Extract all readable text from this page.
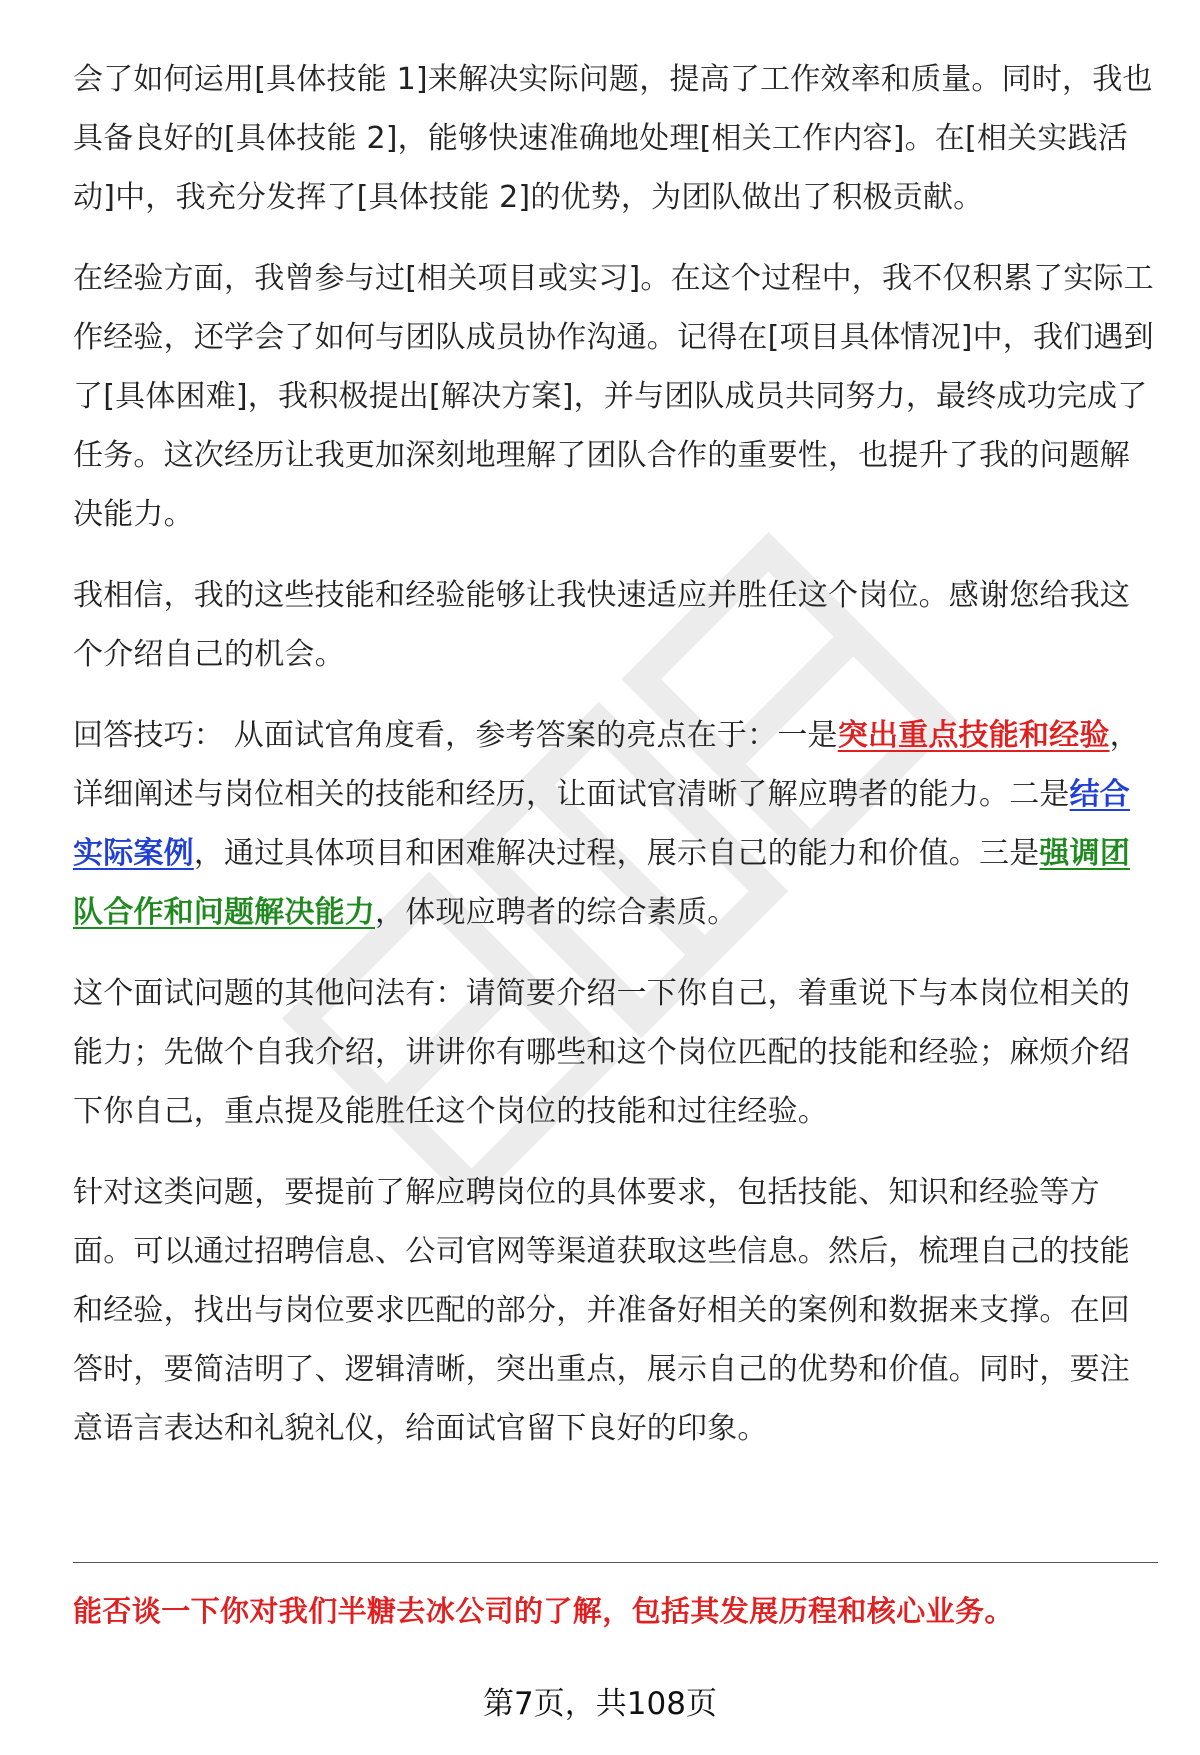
会了如何运用[具体技能 1]来解决实际问题，提高了工作效率和质量。同时，我也具备良好的[具体技能 2]，能够快速准确地处理[相关工作内容]。在[相关实践活动]中，我充分发挥了[具体技能 2]的优势，为团队做出了积极贡献。

在经验方面，我曾参与过[相关项目或实习]。在这个过程中，我不仅积累了实际工作经验，还学会了如何与团队成员协作沟通。记得在[项目具体情况]中，我们遇到了[具体困难]，我积极提出[解决方案]，并与团队成员共同努力，最终成功完成了任务。这次经历让我更加深刻地理解了团队合作的重要性，也提升了我的问题解决能力。

我相信，我的这些技能和经验能够让我快速适应并胜任这个岗位。感谢您给我这个介绍自己的机会。

回答技巧： 从面试官角度看，参考答案的亮点在于：一是突出重点技能和经验，详细阐述与岗位相关的技能和经历，让面试官清晰了解应聘者的能力。二是结合实际案例，通过具体项目和困难解决过程，展示自己的能力和价值。三是强调团队合作和问题解决能力，体现应聘者的综合素质。

这个面试问题的其他问法有：请简要介绍一下你自己，着重说下与本岗位相关的能力；先做个自我介绍，讲讲你有哪些和这个岗位匹配的技能和经验；麻烦介绍下你自己，重点提及能胜任这个岗位的技能和过往经验。

针对这类问题，要提前了解应聘岗位的具体要求，包括技能、知识和经验等方面。可以通过招聘信息、公司官网等渠道获取这些信息。然后，梳理自己的技能和经验，找出与岗位要求匹配的部分，并准备好相关的案例和数据来支撑。在回答时，要简洁明了、逻辑清晰，突出重点，展示自己的优势和价值。同时，要注意语言表达和礼貌礼仪，给面试官留下良好的印象。

能否谈一下你对我们半糖去冰公司的了解，包括其发展历程和核心业务。
第7页，共108页
